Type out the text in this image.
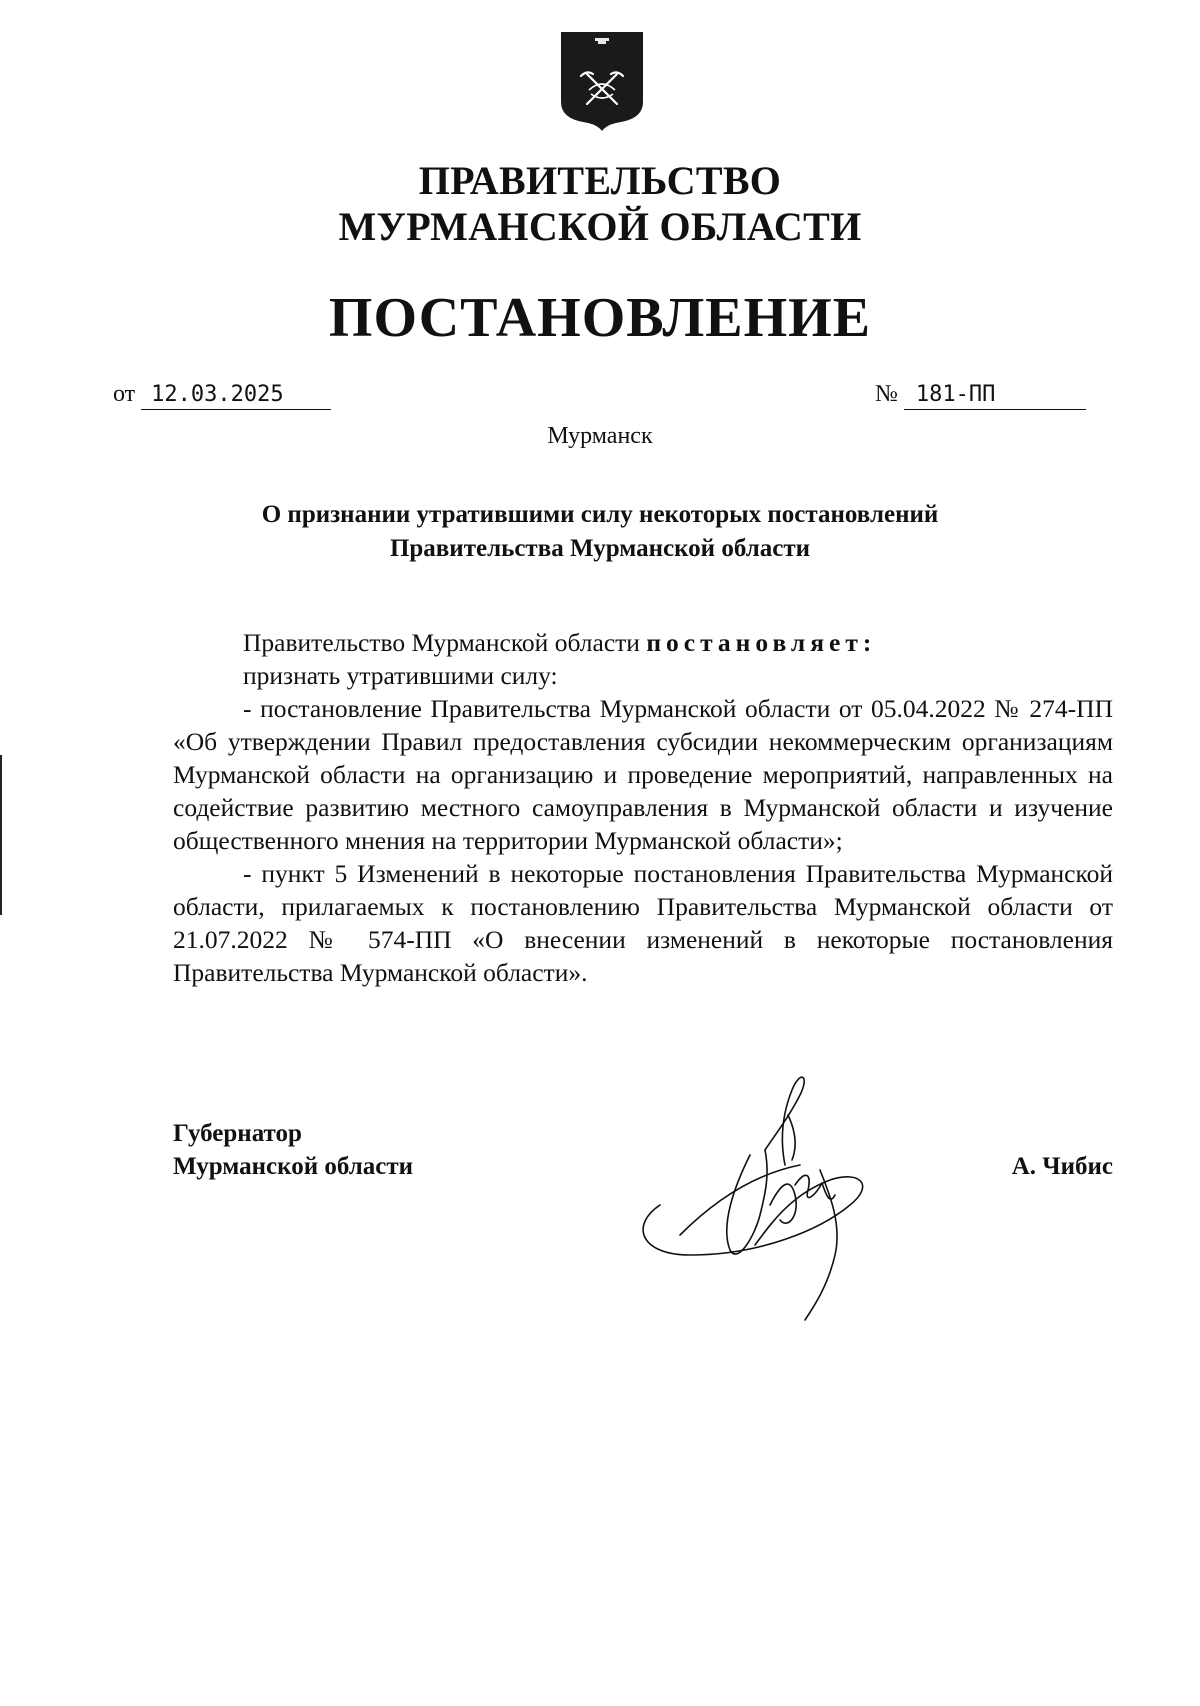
ПРАВИТЕЛЬСТВО
МУРМАНСКОЙ ОБЛАСТИ
ПОСТАНОВЛЕНИЕ
от 12.03.2025	№ 181-ПП
Мурманск
О признании утратившими силу некоторых постановлений
Правительства Мурманской области

Правительство Мурманской области постановляет:

признать утратившими силу:

- постановление Правительства Мурманской области от 05.04.2022 № 274-ПП «Об утверждении Правил предоставления субсидии некоммерческим организациям Мурманской области на организацию и проведение мероприятий, направленных на содействие развитию местного самоуправления в Мурманской области и изучение общественного мнения на территории Мурманской области»;

- пункт 5 Изменений в некоторые постановления Правительства Мурманской области, прилагаемых к постановлению Правительства Мурманской области от 21.07.2022 № 574-ПП «О внесении изменений в некоторые постановления Правительства Мурманской области».

Губернатор
Мурманской области	А. Чибис
